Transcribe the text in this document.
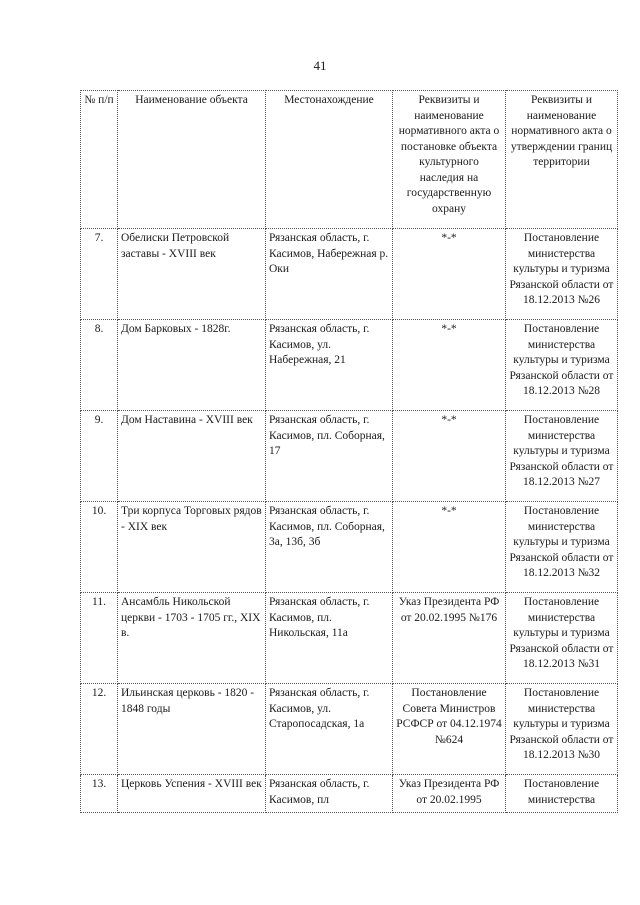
41
№ п/п	Наименование объекта	Местонахождение	Реквизиты и наименование нормативного акта о постановке объекта культурного наследия на государственную охрану	Реквизиты и наименование нормативного акта о утверждении границ территории
7.	Обелиски Петровской заставы - XVIII век	Рязанская область, г. Касимов, Набережная р. Оки	*-*	Постановление министерства культуры и туризма Рязанской области от 18.12.2013 №26
8.	Дом Барковых - 1828г.	Рязанская область, г. Касимов, ул. Набережная, 21	*-*	Постановление министерства культуры и туризма Рязанской области от 18.12.2013 №28
9.	Дом Наставина - XVIII век	Рязанская область, г. Касимов, пл. Соборная, 17	*-*	Постановление министерства культуры и туризма Рязанской области от 18.12.2013 №27
10.	Три корпуса Торговых рядов - XIX век	Рязанская область, г. Касимов, пл. Соборная, 3а, 13б, 3б	*-*	Постановление министерства культуры и туризма Рязанской области от 18.12.2013 №32
11.	Ансамбль Никольской церкви - 1703 - 1705 гг., XIX в.	Рязанская область, г. Касимов, пл. Никольская, 11а	Указ Президента РФ от 20.02.1995 №176	Постановление министерства культуры и туризма Рязанской области от 18.12.2013 №31
12.	Ильинская церковь - 1820 - 1848 годы	Рязанская область, г. Касимов, ул. Старопосадская, 1а	Постановление Совета Министров РСФСР от 04.12.1974 №624	Постановление министерства культуры и туризма Рязанской области от 18.12.2013 №30
13.	Церковь Успения - XVIII век	Рязанская область, г. Касимов, пл	Указ Президента РФ от 20.02.1995	Постановление министерства
